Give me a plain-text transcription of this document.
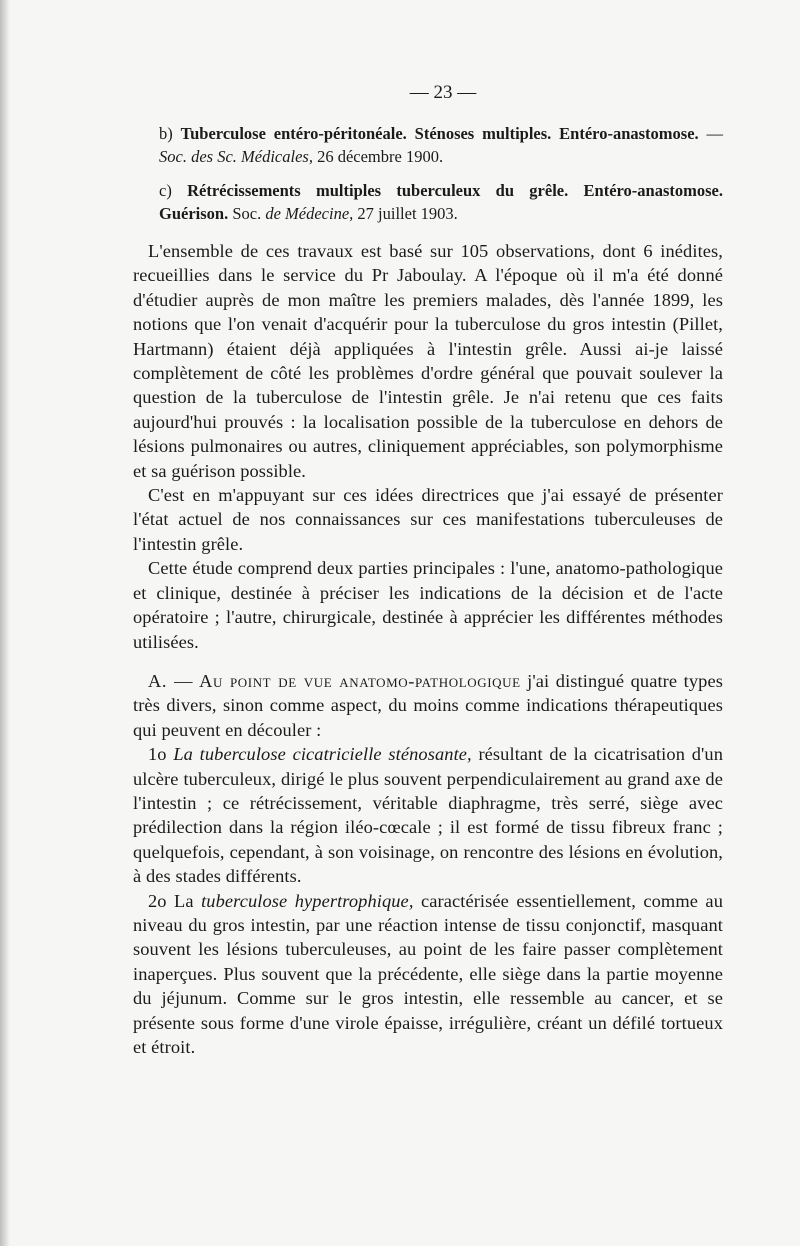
— 23 —

b) Tuberculose entéro-péritonéale. Sténoses multiples. Entéro-anastomose. — Soc. des Sc. Médicales, 26 décembre 1900.

c) Rétrécissements multiples tuberculeux du grêle. Entéro-anastomose. Guérison. Soc. de Médecine, 27 juillet 1903.

L'ensemble de ces travaux est basé sur 105 observations, dont 6 inédites, recueillies dans le service du Pr Jaboulay. A l'époque où il m'a été donné d'étudier auprès de mon maître les premiers malades, dès l'année 1899, les notions que l'on venait d'acquérir pour la tuberculose du gros intestin (Pillet, Hartmann) étaient déjà appliquées à l'intestin grêle. Aussi ai-je laissé complètement de côté les problèmes d'ordre général que pouvait soulever la question de la tuberculose de l'intestin grêle. Je n'ai retenu que ces faits aujourd'hui prouvés : la localisation possible de la tuberculose en dehors de lésions pulmonaires ou autres, cliniquement appréciables, son polymorphisme et sa guérison possible.

C'est en m'appuyant sur ces idées directrices que j'ai essayé de présenter l'état actuel de nos connaissances sur ces manifestations tuberculeuses de l'intestin grêle.

Cette étude comprend deux parties principales : l'une, anatomo-pathologique et clinique, destinée à préciser les indications de la décision et de l'acte opératoire ; l'autre, chirurgicale, destinée à apprécier les différentes méthodes utilisées.

A. — Au point de vue anatomo-pathologique j'ai distingué quatre types très divers, sinon comme aspect, du moins comme indications thérapeutiques qui peuvent en découler :

1o La tuberculose cicatricielle sténosante, résultant de la cicatrisation d'un ulcère tuberculeux, dirigé le plus souvent perpendiculairement au grand axe de l'intestin ; ce rétrécissement, véritable diaphragme, très serré, siège avec prédilection dans la région iléo-cœcale ; il est formé de tissu fibreux franc ; quelquefois, cependant, à son voisinage, on rencontre des lésions en évolution, à des stades différents.

2o La tuberculose hypertrophique, caractérisée essentiellement, comme au niveau du gros intestin, par une réaction intense de tissu conjonctif, masquant souvent les lésions tuberculeuses, au point de les faire passer complètement inaperçues. Plus souvent que la précédente, elle siège dans la partie moyenne du jéjunum. Comme sur le gros intestin, elle ressemble au cancer, et se présente sous forme d'une virole épaisse, irrégulière, créant un défilé tortueux et étroit.
